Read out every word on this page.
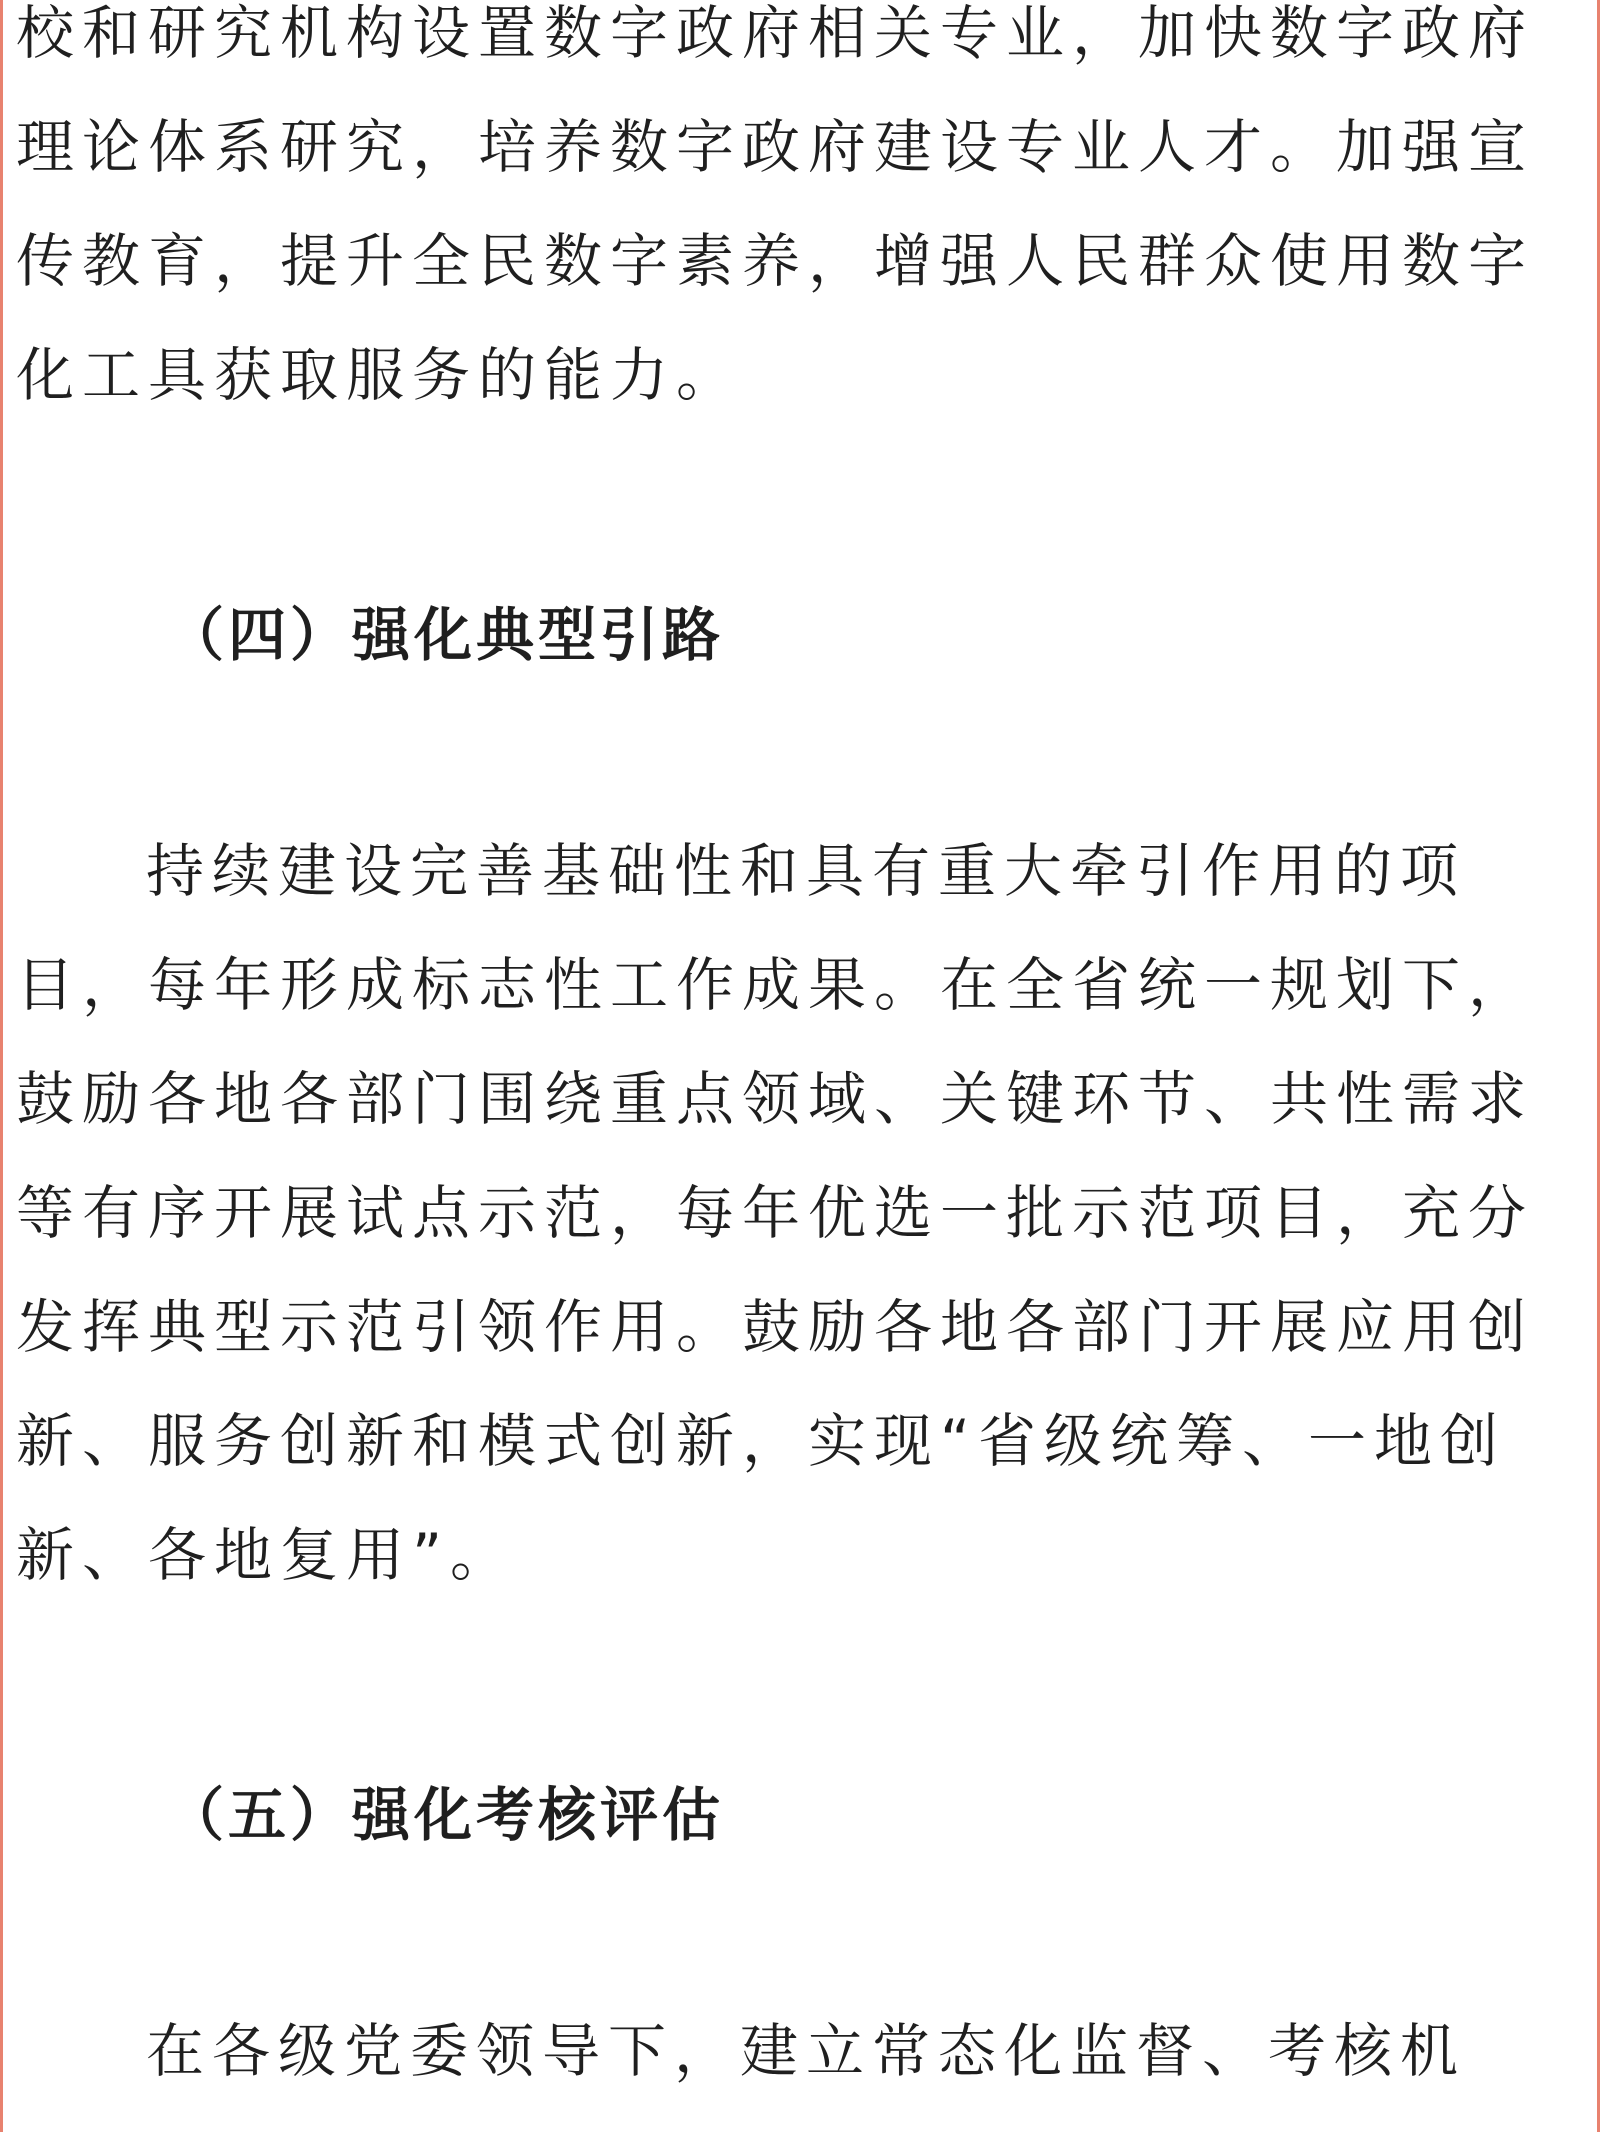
校和研究机构设置数字政府相关专业，加快数字政府
理论体系研究，培养数字政府建设专业人才。加强宣
传教育，提升全民数字素养，增强人民群众使用数字
化工具获取服务的能力。
（四）强化典型引路
持续建设完善基础性和具有重大牵引作用的项
目，每年形成标志性工作成果。在全省统一规划下，
鼓励各地各部门围绕重点领域、关键环节、共性需求
等有序开展试点示范，每年优选一批示范项目，充分
发挥典型示范引领作用。鼓励各地各部门开展应用创
新、服务创新和模式创新，实现“省级统筹、一地创
新、各地复用”。
（五）强化考核评估
在各级党委领导下，建立常态化监督、考核机
